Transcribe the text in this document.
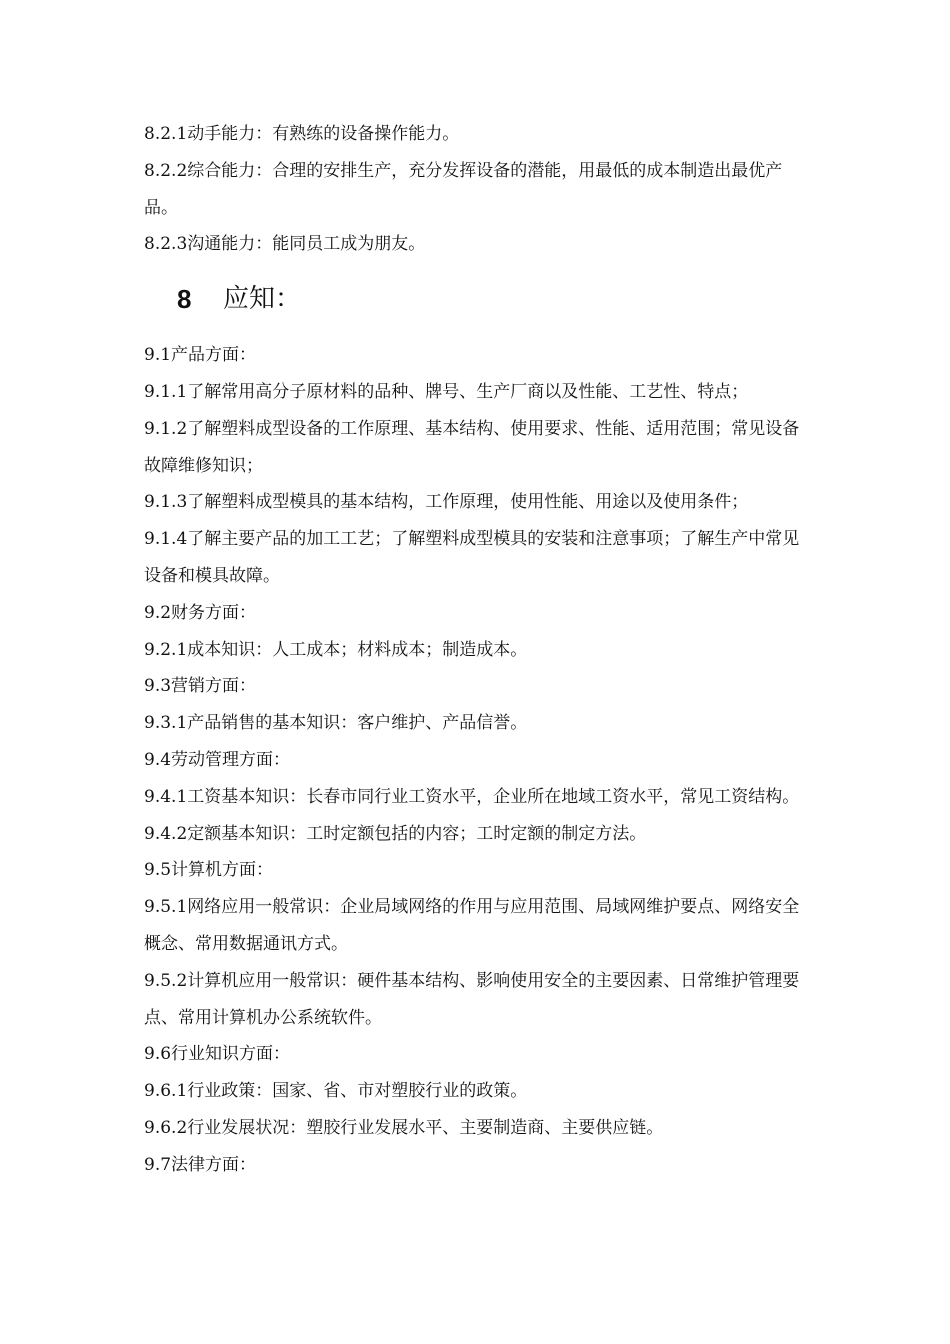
8.2.1动手能力：有熟练的设备操作能力。

8.2.2综合能力：合理的安排生产，充分发挥设备的潜能，用最低的成本制造出最优产品。

8.2.3沟通能力：能同员工成为朋友。

8	应知：

9.1产品方面：

9.1.1了解常用高分子原材料的品种、牌号、生产厂商以及性能、工艺性、特点；

9.1.2了解塑料成型设备的工作原理、基本结构、使用要求、性能、适用范围；常见设备故障维修知识；

9.1.3了解塑料成型模具的基本结构，工作原理，使用性能、用途以及使用条件；

9.1.4了解主要产品的加工工艺；了解塑料成型模具的安装和注意事项；了解生产中常见设备和模具故障。

9.2财务方面：

9.2.1成本知识：人工成本；材料成本；制造成本。

9.3营销方面：

9.3.1产品销售的基本知识：客户维护、产品信誉。

9.4劳动管理方面：

9.4.1工资基本知识：长春市同行业工资水平，企业所在地域工资水平，常见工资结构。

9.4.2定额基本知识：工时定额包括的内容；工时定额的制定方法。

9.5计算机方面：

9.5.1网络应用一般常识：企业局域网络的作用与应用范围、局域网维护要点、网络安全概念、常用数据通讯方式。

9.5.2计算机应用一般常识：硬件基本结构、影响使用安全的主要因素、日常维护管理要点、常用计算机办公系统软件。

9.6行业知识方面：

9.6.1行业政策：国家、省、市对塑胶行业的政策。

9.6.2行业发展状况：塑胶行业发展水平、主要制造商、主要供应链。

9.7法律方面：
